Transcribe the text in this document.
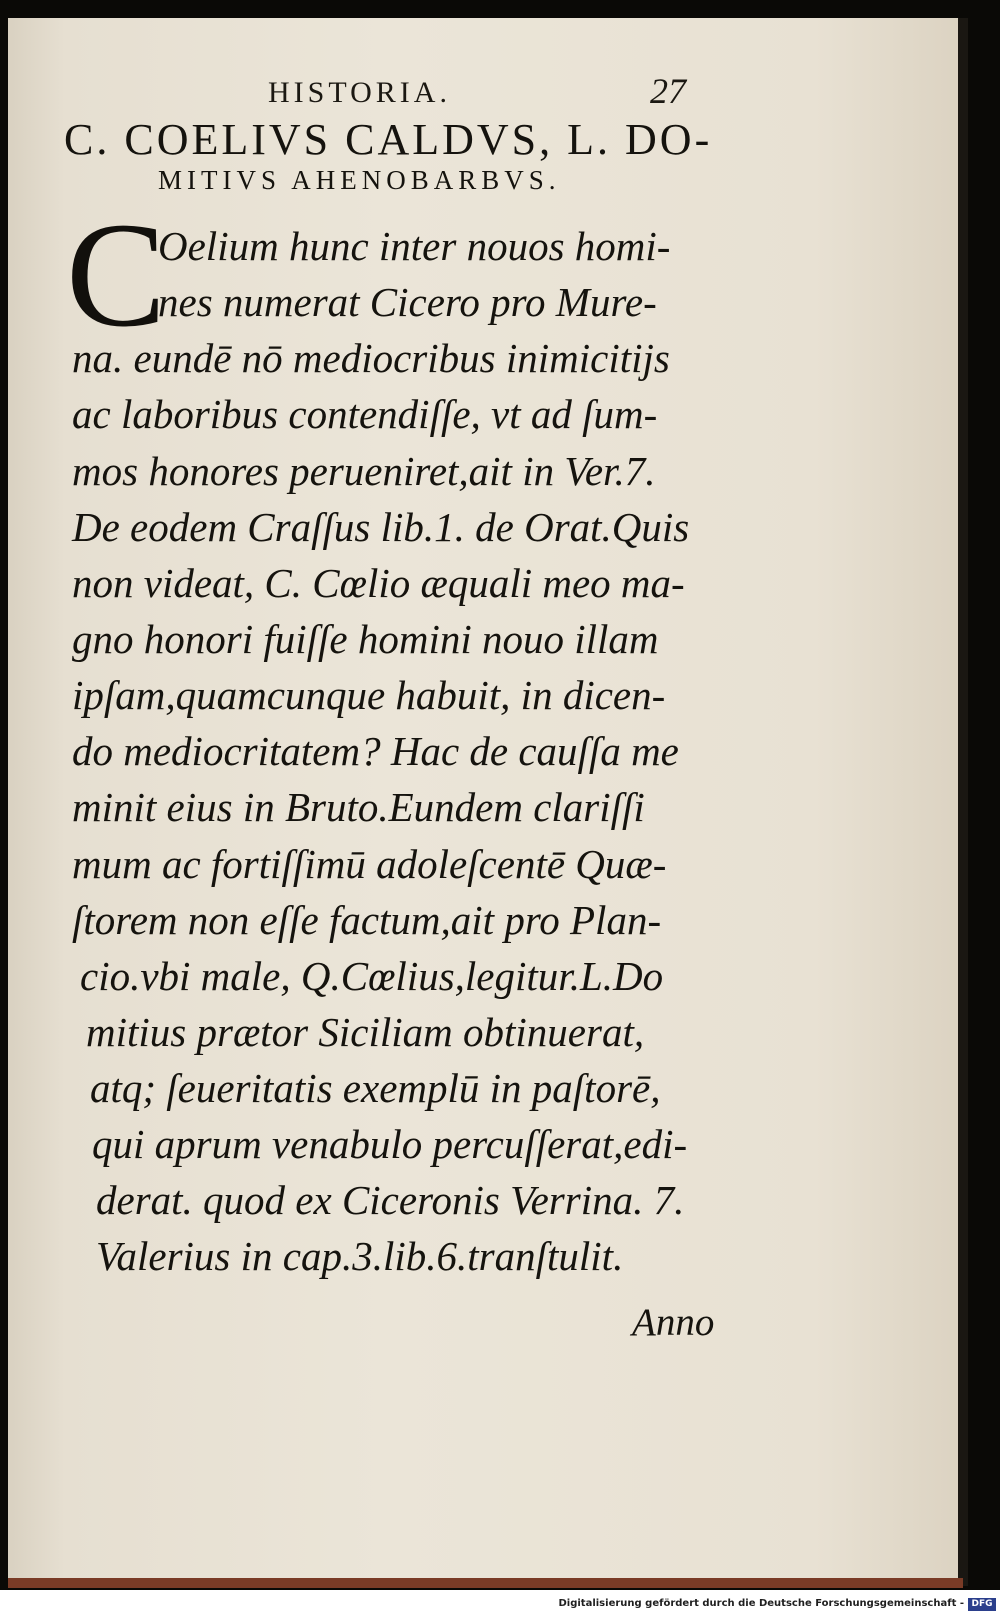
HISTORIA.	27
C. COELIVS CALDVS, L. DO-
MITIVS AHENOBARBVS.
C
Oelium hunc inter nouos homi-
nes numerat Cicero pro Mure-
na. eundē nō mediocribus inimicitijs
ac laboribus contendiſſe, vt ad ſum-
mos honores perueniret,ait in Ver.7.
De eodem Craſſus lib.1. de Orat.Quis
non videat, C. Cœlio æquali meo ma-
gno honori fuiſſe homini nouo illam
ipſam,quamcunque habuit, in dicen-
do mediocritatem? Hac de cauſſa me
minit eius in Bruto.Eundem clariſſi
mum ac fortiſſimū adoleſcentē Quæ-
ſtorem non eſſe factum,ait pro Plan-
cio.vbi male, Q.Cœlius,legitur.L.Do
mitius prætor Siciliam obtinuerat,
atq; ſeueritatis exemplū in paſtorē,
qui aprum venabulo percuſſerat,edi-
derat. quod ex Ciceronis Verrina. 7.
Valerius in cap.3.lib.6.tranſtulit.
Anno
Digitalisierung gefördert durch die Deutsche Forschungsgemeinschaft - DFG
